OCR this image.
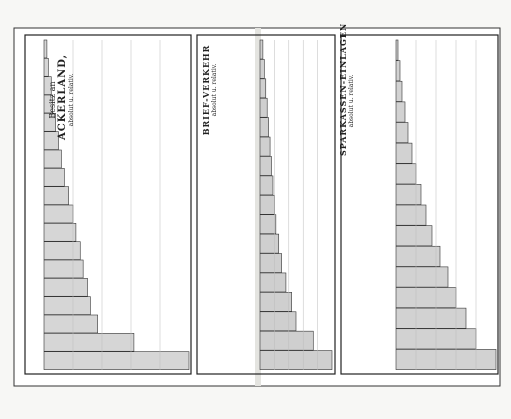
Besitz an ACKERLAND, absolut u. relativ.	BRIEF-VERKEHR absolut u. relativ.	SPARKASSEN-EINLAGEN absolut u. relativ.
